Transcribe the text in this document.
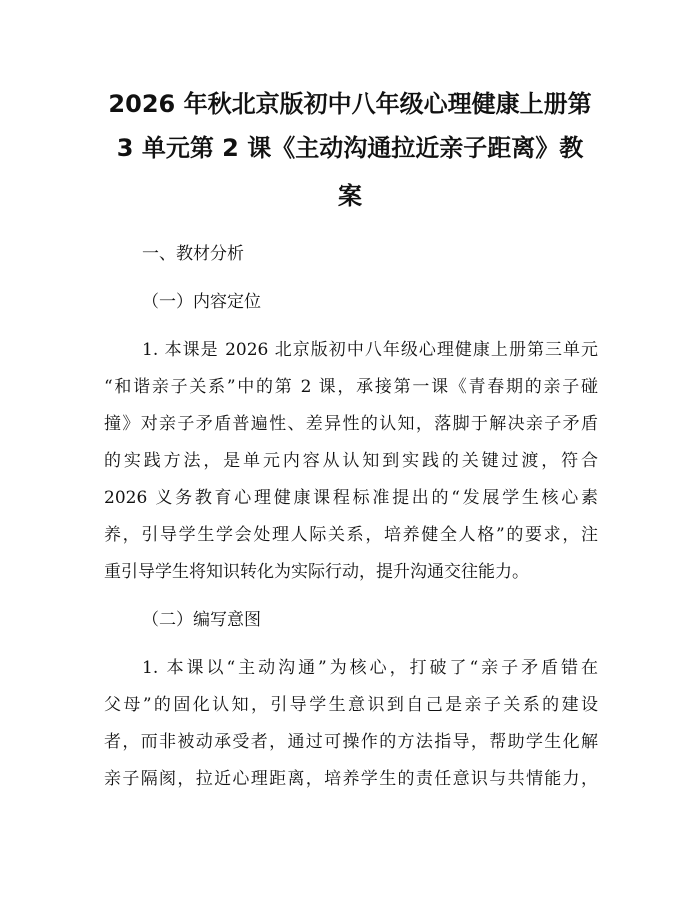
2026 年秋北京版初中八年级心理健康上册第
3 单元第 2 课《主动沟通拉近亲子距离》教
案
一、教材分析
（一）内容定位
1. 本课是 2026 北京版初中八年级心理健康上册第三单元
“和谐亲子关系”中的第 2 课，承接第一课《青春期的亲子碰
撞》对亲子矛盾普遍性、差异性的认知，落脚于解决亲子矛盾
的实践方法，是单元内容从认知到实践的关键过渡，符合
2026 义务教育心理健康课程标准提出的“发展学生核心素
养，引导学生学会处理人际关系，培养健全人格”的要求，注
重引导学生将知识转化为实际行动，提升沟通交往能力。
（二）编写意图
1. 本课以“主动沟通”为核心，打破了“亲子矛盾错在
父母”的固化认知，引导学生意识到自己是亲子关系的建设
者，而非被动承受者，通过可操作的方法指导，帮助学生化解
亲子隔阂，拉近心理距离，培养学生的责任意识与共情能力，
